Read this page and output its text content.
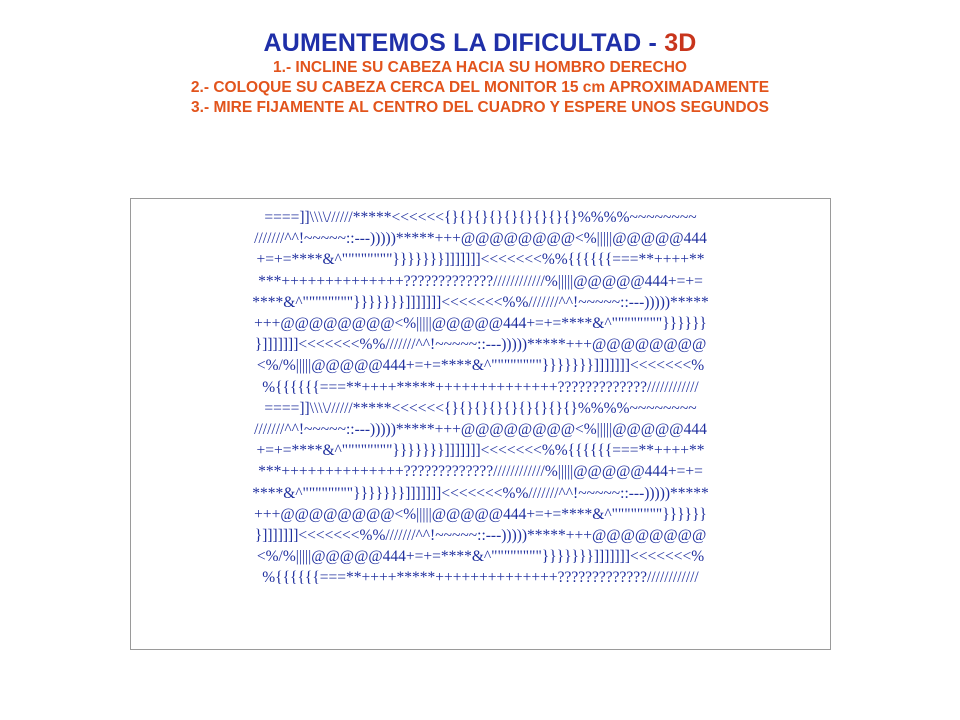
AUMENTEMOS LA DIFICULTAD - 3D
1.- INCLINE SU CABEZA HACIA SU HOMBRO DERECHO
2.- COLOQUE SU CABEZA CERCA DEL MONITOR 15 cm APROXIMADAMENTE
3.- MIRE FIJAMENTE AL CENTRO DEL CUADRO Y ESPERE UNOS SEGUNDOS
====]]\\\\//////*****<<<<<<{}{}{}{}{}{}{}{}{}%%%%~~~~~~~~
///////^^!~~~~~::---)))))*****+++@@@@@@@@<%|||||@@@@@444
+=+=****&^""""""""}}}}}}}]]]]]]]<<<<<<<%%{{{{{{===**++++**
***++++++++++++++?????????????////////////%|||||@@@@@444+=+=
****&^""""""""}}}}}}}]]]]]]]<<<<<<<%%///////^^!~~~~~::---)))))*****
+++@@@@@@@@<%|||||@@@@@444+=+=****&^""""""""}}}}}}
}]]]]]]]<<<<<<<%%///////^^!~~~~~::---)))))*****+++@@@@@@@@
<%/%|||||@@@@@444+=+=****&^""""""""}}}}}}}]]]]]]]<<<<<<<%
%{{{{{{===**++++*****++++++++++++++?????????????////////////
====]]\\\\//////*****<<<<<<{}{}{}{}{}{}{}{}{}%%%%~~~~~~~~
///////^^!~~~~~::---)))))*****+++@@@@@@@@<%|||||@@@@@444
+=+=****&^""""""""}}}}}}}]]]]]]]<<<<<<<%%{{{{{{===**++++**
***++++++++++++++?????????????////////////%|||||@@@@@444+=+=
****&^""""""""}}}}}}}]]]]]]]<<<<<<<%%///////^^!~~~~~::---)))))*****
+++@@@@@@@@<%|||||@@@@@444+=+=****&^""""""""}}}}}}
}]]]]]]]<<<<<<<%%///////^^!~~~~~::---)))))*****+++@@@@@@@@
<%/%|||||@@@@@444+=+=****&^""""""""}}}}}}}]]]]]]]<<<<<<<%
%{{{{{{===**++++*****++++++++++++++?????????????////////////
